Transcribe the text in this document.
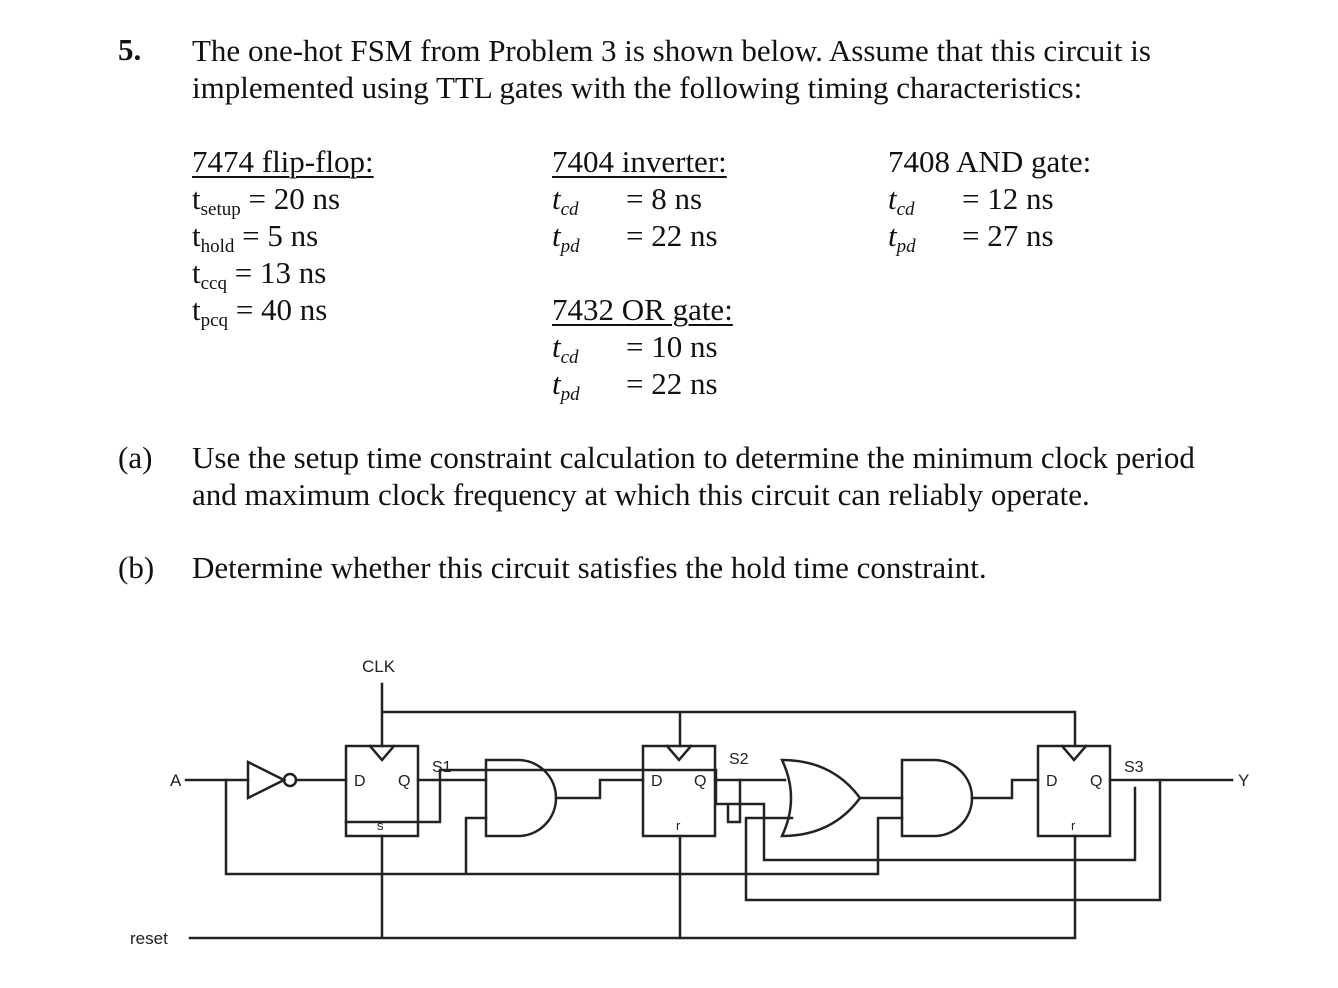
5. The one-hot FSM from Problem 3 is shown below. Assume that this circuit is
implemented using TTL gates with the following timing characteristics:
7474 flip-flop:
$t_{setup} = 20$ ns
$t_{hold} = 5$ ns
$t_{ccq} = 13$ ns
$t_{pcq} = 40$ ns
7404 inverter:
$t_{cd} = 8$ ns
$t_{pd} = 22$ ns
7408 AND gate:
$t_{cd} = 12$ ns
$t_{pd} = 27$ ns
7432 OR gate:
$t_{cd} = 10$ ns
$t_{pd} = 22$ ns
(a) Use the setup time constraint calculation to determine the minimum clock period
and maximum clock frequency at which this circuit can reliably operate.
(b) Determine whether this circuit satisfies the hold time constraint.
CLK
A	Y
reset
D Q
s
S1
D Q
r
S2
D Q
r
S3
